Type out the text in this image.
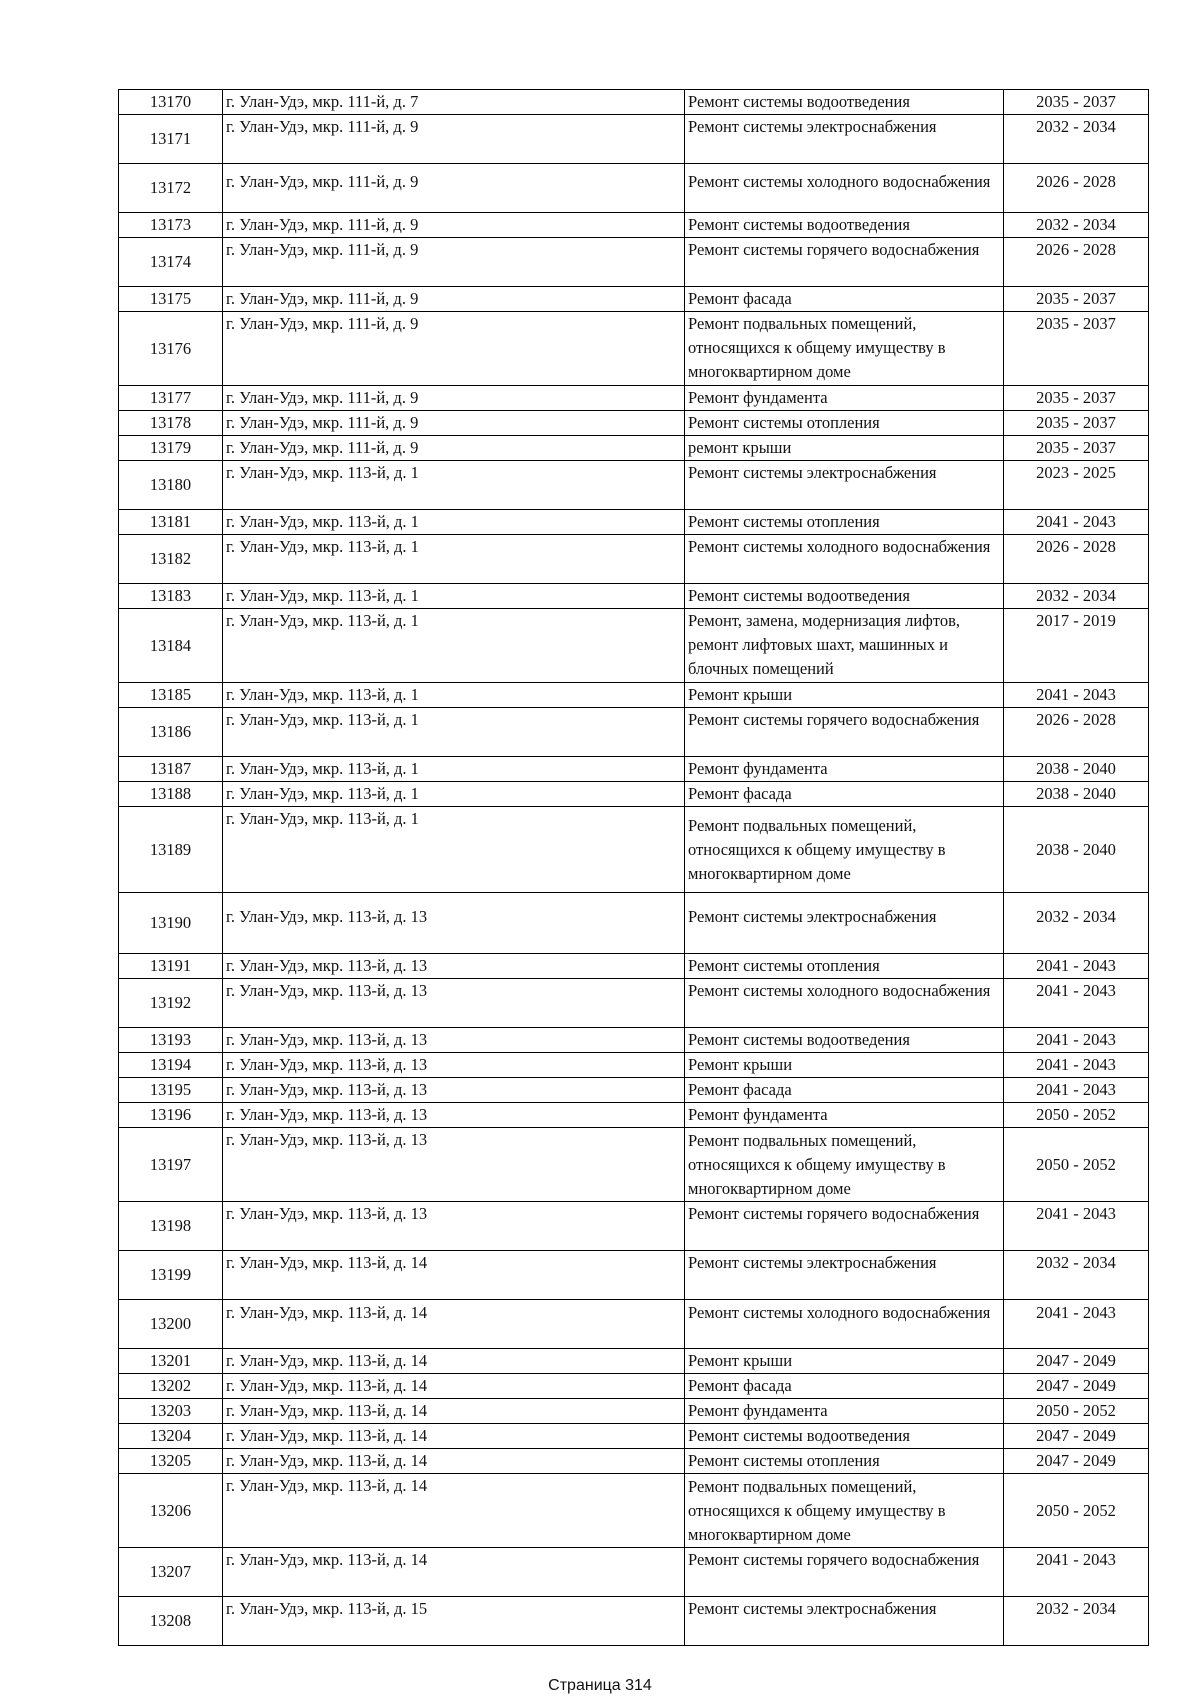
13170	г. Улан-Удэ, мкр. 111-й, д. 7	Ремонт системы водоотведения	2035 - 2037
13171	г. Улан-Удэ, мкр. 111-й, д. 9	Ремонт системы электроснабжения	2032 - 2034
13172	г. Улан-Удэ, мкр. 111-й, д. 9	Ремонт системы холодного водоснабжения	2026 - 2028
13173	г. Улан-Удэ, мкр. 111-й, д. 9	Ремонт системы водоотведения	2032 - 2034
13174	г. Улан-Удэ, мкр. 111-й, д. 9	Ремонт системы горячего водоснабжения	2026 - 2028
13175	г. Улан-Удэ, мкр. 111-й, д. 9	Ремонт фасада	2035 - 2037
13176	г. Улан-Удэ, мкр. 111-й, д. 9	Ремонт подвальных помещений, относящихся к общему имуществу в многоквартирном доме	2035 - 2037
13177	г. Улан-Удэ, мкр. 111-й, д. 9	Ремонт фундамента	2035 - 2037
13178	г. Улан-Удэ, мкр. 111-й, д. 9	Ремонт системы отопления	2035 - 2037
13179	г. Улан-Удэ, мкр. 111-й, д. 9	ремонт крыши	2035 - 2037
13180	г. Улан-Удэ, мкр. 113-й, д. 1	Ремонт системы электроснабжения	2023 - 2025
13181	г. Улан-Удэ, мкр. 113-й, д. 1	Ремонт системы отопления	2041 - 2043
13182	г. Улан-Удэ, мкр. 113-й, д. 1	Ремонт системы холодного водоснабжения	2026 - 2028
13183	г. Улан-Удэ, мкр. 113-й, д. 1	Ремонт системы водоотведения	2032 - 2034
13184	г. Улан-Удэ, мкр. 113-й, д. 1	Ремонт, замена, модернизация лифтов, ремонт лифтовых шахт, машинных и блочных помещений	2017 - 2019
13185	г. Улан-Удэ, мкр. 113-й, д. 1	Ремонт крыши	2041 - 2043
13186	г. Улан-Удэ, мкр. 113-й, д. 1	Ремонт системы горячего водоснабжения	2026 - 2028
13187	г. Улан-Удэ, мкр. 113-й, д. 1	Ремонт фундамента	2038 - 2040
13188	г. Улан-Удэ, мкр. 113-й, д. 1	Ремонт фасада	2038 - 2040
13189	г. Улан-Удэ, мкр. 113-й, д. 1	Ремонт подвальных помещений, относящихся к общему имуществу в многоквартирном доме	2038 - 2040
13190	г. Улан-Удэ, мкр. 113-й, д. 13	Ремонт системы электроснабжения	2032 - 2034
13191	г. Улан-Удэ, мкр. 113-й, д. 13	Ремонт системы отопления	2041 - 2043
13192	г. Улан-Удэ, мкр. 113-й, д. 13	Ремонт системы холодного водоснабжения	2041 - 2043
13193	г. Улан-Удэ, мкр. 113-й, д. 13	Ремонт системы водоотведения	2041 - 2043
13194	г. Улан-Удэ, мкр. 113-й, д. 13	Ремонт крыши	2041 - 2043
13195	г. Улан-Удэ, мкр. 113-й, д. 13	Ремонт фасада	2041 - 2043
13196	г. Улан-Удэ, мкр. 113-й, д. 13	Ремонт фундамента	2050 - 2052
13197	г. Улан-Удэ, мкр. 113-й, д. 13	Ремонт подвальных помещений, относящихся к общему имуществу в многоквартирном доме	2050 - 2052
13198	г. Улан-Удэ, мкр. 113-й, д. 13	Ремонт системы горячего водоснабжения	2041 - 2043
13199	г. Улан-Удэ, мкр. 113-й, д. 14	Ремонт системы электроснабжения	2032 - 2034
13200	г. Улан-Удэ, мкр. 113-й, д. 14	Ремонт системы холодного водоснабжения	2041 - 2043
13201	г. Улан-Удэ, мкр. 113-й, д. 14	Ремонт крыши	2047 - 2049
13202	г. Улан-Удэ, мкр. 113-й, д. 14	Ремонт фасада	2047 - 2049
13203	г. Улан-Удэ, мкр. 113-й, д. 14	Ремонт фундамента	2050 - 2052
13204	г. Улан-Удэ, мкр. 113-й, д. 14	Ремонт системы водоотведения	2047 - 2049
13205	г. Улан-Удэ, мкр. 113-й, д. 14	Ремонт системы отопления	2047 - 2049
13206	г. Улан-Удэ, мкр. 113-й, д. 14	Ремонт подвальных помещений, относящихся к общему имуществу в многоквартирном доме	2050 - 2052
13207	г. Улан-Удэ, мкр. 113-й, д. 14	Ремонт системы горячего водоснабжения	2041 - 2043
13208	г. Улан-Удэ, мкр. 113-й, д. 15	Ремонт системы электроснабжения	2032 - 2034
Страница 314
